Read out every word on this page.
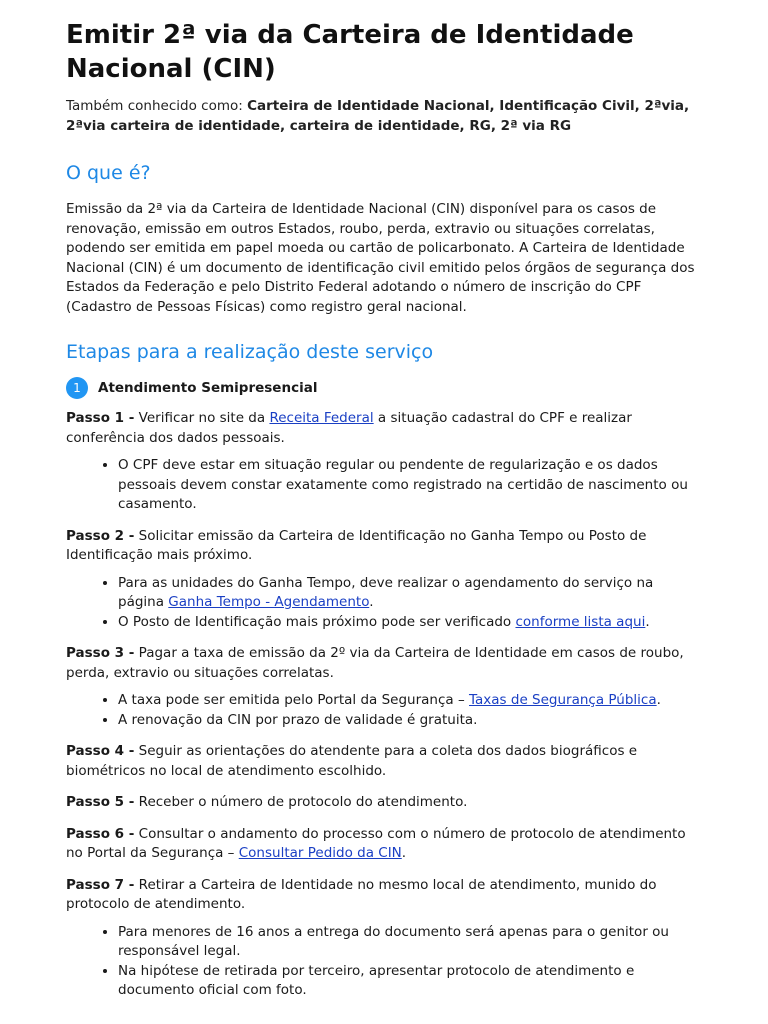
Emitir 2ª via da Carteira de Identidade Nacional (CIN)

Também conhecido como: Carteira de Identidade Nacional, Identificação Civil, 2ªvia, 2ªvia carteira de identidade, carteira de identidade, RG, 2ª via RG

O que é?

Emissão da 2ª via da Carteira de Identidade Nacional (CIN) disponível para os casos de renovação, emissão em outros Estados, roubo, perda, extravio ou situações correlatas, podendo ser emitida em papel moeda ou cartão de policarbonato. A Carteira de Identidade Nacional (CIN) é um documento de identificação civil emitido pelos órgãos de segurança dos Estados da Federação e pelo Distrito Federal adotando o número de inscrição do CPF (Cadastro de Pessoas Físicas) como registro geral nacional.

Etapas para a realização deste serviço
1	Atendimento Semipresencial

Passo 1 - Verificar no site da Receita Federal a situação cadastral do CPF e realizar conferência dos dados pessoais.

• O CPF deve estar em situação regular ou pendente de regularização e os dados pessoais devem constar exatamente como registrado na certidão de nascimento ou casamento.

Passo 2 - Solicitar emissão da Carteira de Identificação no Ganha Tempo ou Posto de Identificação mais próximo.

• Para as unidades do Ganha Tempo, deve realizar o agendamento do serviço na página Ganha Tempo - Agendamento.
• O Posto de Identificação mais próximo pode ser verificado conforme lista aqui.

Passo 3 - Pagar a taxa de emissão da 2º via da Carteira de Identidade em casos de roubo, perda, extravio ou situações correlatas.

• A taxa pode ser emitida pelo Portal da Segurança – Taxas de Segurança Pública.
• A renovação da CIN por prazo de validade é gratuita.

Passo 4 - Seguir as orientações do atendente para a coleta dos dados biográficos e biométricos no local de atendimento escolhido.

Passo 5 - Receber o número de protocolo do atendimento.

Passo 6 - Consultar o andamento do processo com o número de protocolo de atendimento no Portal da Segurança – Consultar Pedido da CIN.

Passo 7 - Retirar a Carteira de Identidade no mesmo local de atendimento, munido do protocolo de atendimento.

• Para menores de 16 anos a entrega do documento será apenas para o genitor ou responsável legal.
• Na hipótese de retirada por terceiro, apresentar protocolo de atendimento e documento oficial com foto.
